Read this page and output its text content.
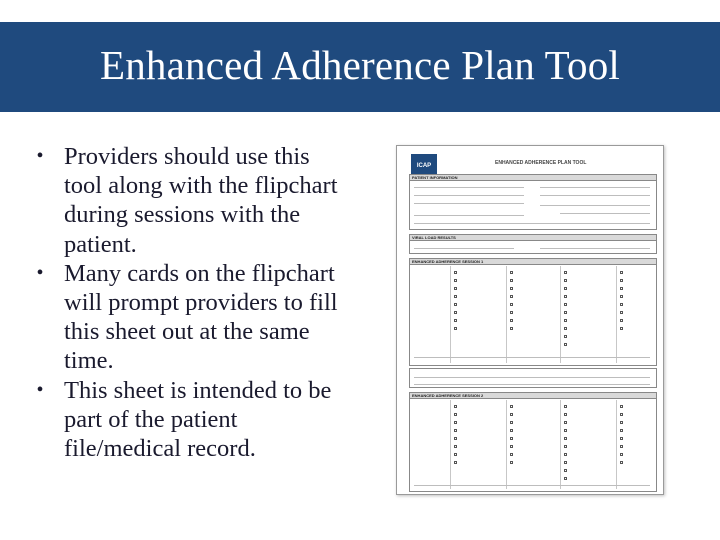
Enhanced Adherence Plan Tool
• Providers should use this tool along with the flipchart during sessions with the patient.
• Many cards on the flipchart will prompt providers to fill this sheet out at the same time.
• This sheet is intended to be part of the patient file/medical record.
ICAP	ENHANCED ADHERENCE PLAN TOOL
PATIENT INFORMATION
VIRAL LOAD RESULTS
ENHANCED ADHERENCE SESSION 1
ENHANCED ADHERENCE SESSION 2
